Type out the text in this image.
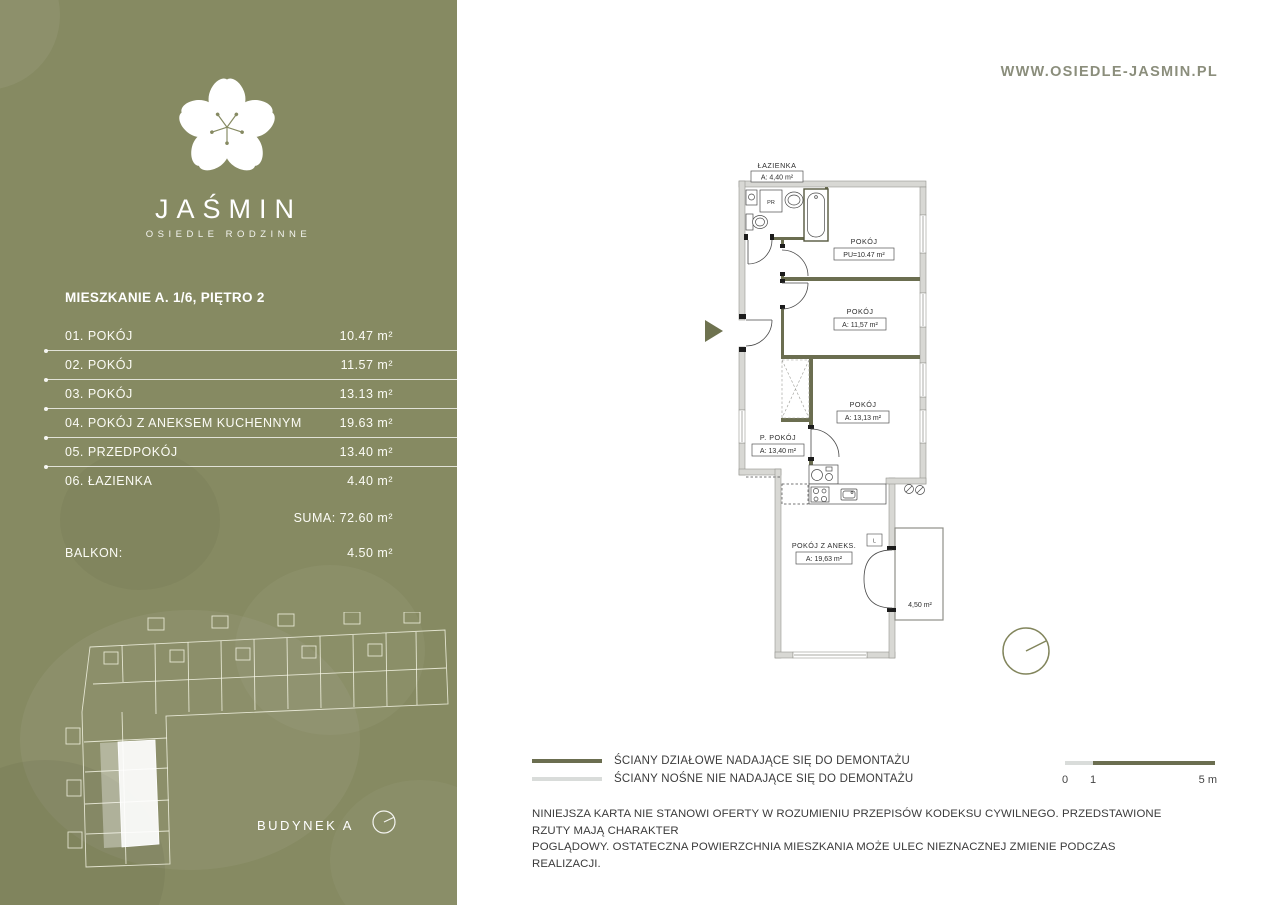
JAŚMIN
OSIEDLE RODZINNE
MIESZKANIE A. 1/6, PIĘTRO 2
01. POKÓJ	10.47 m²
02. POKÓJ	11.57 m²
03. POKÓJ	13.13 m²
04. POKÓJ Z ANEKSEM KUCHENNYM	19.63 m²
05. PRZEDPOKÓJ	13.40 m²
06. ŁAZIENKA	4.40 m²
SUMA: 72.60 m²
BALKON:	4.50 m²
BUDYNEK A
WWW.OSIEDLE-JASMIN.PL
PR
L
ŁAZIENKA
A: 4,40 m²
POKÓJ
PU=10.47 m²
POKÓJ
A: 11,57 m²
POKÓJ
A: 13,13 m²
P. POKÓJ
A: 13,40 m²
POKÓJ Z ANEKS.
A: 19,63 m²
4,50 m²
ŚCIANY DZIAŁOWE NADAJĄCE SIĘ DO DEMONTAŻU
ŚCIANY NOŚNE NIE NADAJĄCE SIĘ DO DEMONTAŻU	0 1	5 m
NINIEJSZA KARTA NIE STANOWI OFERTY W ROZUMIENIU PRZEPISÓW KODEKSU CYWILNEGO. PRZEDSTAWIONE RZUTY MAJĄ CHARAKTER
POGLĄDOWY. OSTATECZNA POWIERZCHNIA MIESZKANIA MOŻE ULEC NIEZNACZNEJ ZMIENIE PODCZAS REALIZACJI.
